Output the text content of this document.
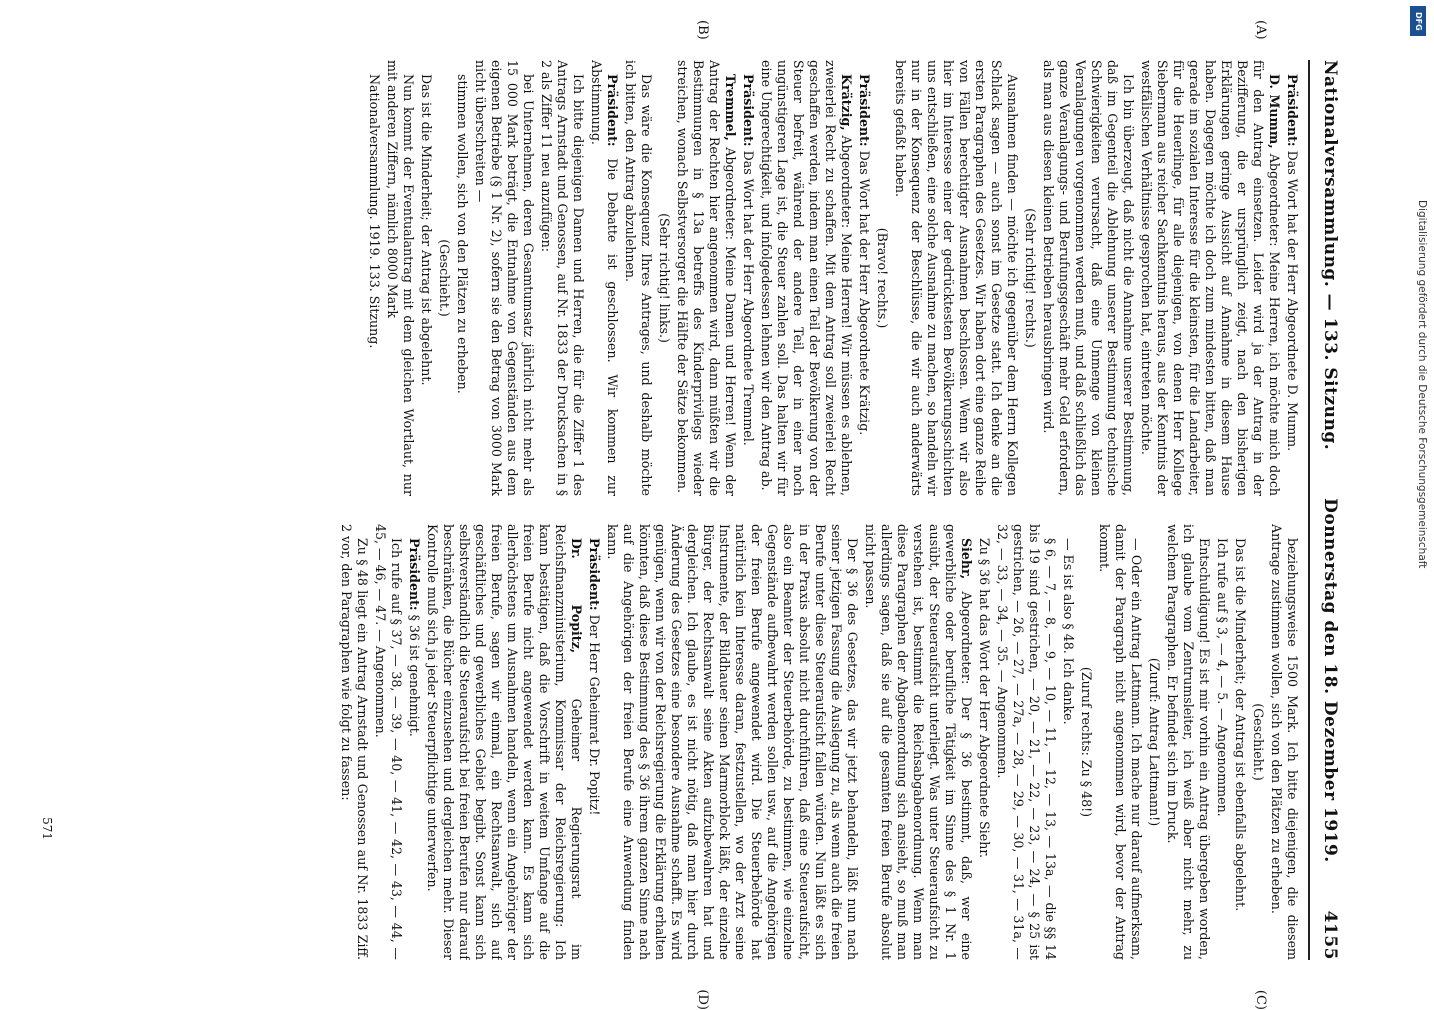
Nationalversammlung. — 133. Sitzung.
Donnerstag den 18. Dezember 1919.
4155
(A)
(B)
(C)
(D)

Präsident: Das Wort hat der Herr Abgeordnete D. Mumm.

D. Mumm, Abgeordneter: Meine Herren, ich möchte mich doch für den Antrag einsetzen. Leider wird ja der Antrag in der Bezifferung, die er ursprünglich zeigt, nach den bisherigen Erklärungen geringe Aussicht auf Annahme in diesem Hause haben. Dagegen möchte ich doch zum mindesten bitten, daß man gerade im sozialen Interesse für die kleinsten, für die Landarbeiter, für die Heuerlinge, für alle diejenigen, von denen Herr Kollege Siebermann aus reicher Sachkenntnis heraus, aus der Kenntnis der westfälischen Verhältnisse gesprochen hat, eintreten möchte.

Ich bin überzeugt, daß nicht die Annahme unserer Bestimmung, daß im Gegenteil die Ablehnung unserer Bestimmung technische Schwierigkeiten verursacht, daß eine Unmenge von kleinen Veranlagungen vorgenommen werden muß, und daß schließlich das ganze Veranlagungs- und Berufungsgeschäft mehr Geld erfordern, als man aus diesen kleinen Betrieben herausbringen wird.

(Sehr richtig! rechts.)

Ausnahmen finden — möchte ich gegenüber dem Herrn Kollegen Schlack sagen — auch sonst im Gesetze statt. Ich denke an die ersten Paragraphen des Gesetzes. Wir haben dort eine ganze Reihe von Fällen berechtigter Ausnahmen beschlossen. Wenn wir also hier im Interesse einer der gedrücktesten Bevölkerungsschichten uns entschließen, eine solche Ausnahme zu machen, so handeln wir nur in der Konsequenz der Beschlüsse, die wir auch anderwärts bereits gefaßt haben.

(Bravo! rechts.)

Präsident: Das Wort hat der Herr Abgeordnete Krätzig.

Krätzig, Abgeordneter: Meine Herren! Wir müssen es ablehnen, zweierlei Recht zu schaffen. Mit dem Antrag soll zweierlei Recht geschaffen werden, indem man einen Teil der Bevölkerung von der Steuer befreit, während der andere Teil, der in einer noch ungünstigeren Lage ist, die Steuer zahlen soll. Das halten wir für eine Ungerechtigkeit, und infolgedessen lehnen wir den Antrag ab.

Präsident: Das Wort hat der Herr Abgeordnete Tremmel.

Tremmel, Abgeordneter: Meine Damen und Herren! Wenn der Antrag der Rechten hier angenommen wird, dann müßten wir die Bestimmungen in § 13a betreffs des Kinderprivilegs wieder streichen, wonach Selbstversorger die Hälfte der Sätze bekommen.

(Sehr richtig! links.)

Das wäre die Konsequenz Ihres Antrages, und deshalb möchte ich bitten, den Antrag abzulehnen.

Präsident: Die Debatte ist geschlossen. Wir kommen zur Abstimmung.

Ich bitte diejenigen Damen und Herren, die für die Ziffer 1 des Antrags Arnstadt und Genossen, auf Nr. 1833 der Drucksachen in § 2 als Ziffer 11 neu anzufügen:

bei Unternehmen, deren Gesamtumsatz jährlich nicht mehr als 15 000 Mark beträgt, die Entnahme von Gegenständen aus dem eigenen Betriebe (§ 1 Nr. 2), sofern sie den Betrag von 3000 Mark nicht überschreiten —

stimmen wollen, sich von den Plätzen zu erheben.

(Geschieht.)

Das ist die Minderheit; der Antrag ist abgelehnt.

Nun kommt der Eventualantrag mit dem gleichen Wortlaut, nur mit anderen Ziffern, nämlich 8000 Mark

Nationalversammlung. 1919. 133. Sitzung.

beziehungsweise 1500 Mark. Ich bitte diejenigen, die diesem Antrage zustimmen wollen, sich von den Plätzen zu erheben.

(Geschieht.)

Das ist die Minderheit; der Antrag ist ebenfalls abgelehnt.

Ich rufe auf § 3, — 4, — 5. — Angenommen.

Entschuldigung! Es ist mir vorhin ein Antrag übergeben worden, ich glaube vom Zentrumsleiter, ich weiß aber nicht mehr, zu welchem Paragraphen. Er befindet sich im Druck.

(Zuruf: Antrag Lattmann!)

— Oder ein Antrag Lattmann. Ich mache nur darauf aufmerksam, damit der Paragraph nicht angenommen wird, bevor der Antrag kommt.

(Zuruf rechts: Zu § 48!)

— Es ist also § 48. Ich danke.

§ 6, — 7, — 8, — 9, — 10, — 11, — 12, — 13, — 13a, — die §§ 14 bis 19 sind gestrichen, — 20, — 21, — 22, — 23, — 24, — § 25 ist gestrichen, — 26, — 27, — 27a, — 28, — 29, — 30, — 31, — 31a, — 32, — 33, — 34, — 35. — Angenommen.

Zu § 36 hat das Wort der Herr Abgeordnete Siehr.

Siehr, Abgeordneter: Der § 36 bestimmt, daß, wer eine gewerbliche oder berufliche Tätigkeit im Sinne des § 1 Nr. 1 ausübt, der Steueraufsicht unterliegt. Was unter Steueraufsicht zu verstehen ist, bestimmt die Reichsabgabenordnung. Wenn man diese Paragraphen der Abgabenordnung sich ansieht, so muß man allerdings sagen, daß sie auf die gesamten freien Berufe absolut nicht passen.

Der § 36 des Gesetzes, das wir jetzt behandeln, läßt nun nach seiner jetzigen Fassung die Auslegung zu, als wenn auch die freien Berufe unter diese Steueraufsicht fallen würden. Nun läßt es sich in der Praxis absolut nicht durchführen, daß eine Steueraufsicht, also ein Beamter der Steuerbehörde, zu bestimmen, wie einzelne Gegenstände aufbewahrt werden sollen usw., auf die Angehörigen der freien Berufe angewendet wird. Die Steuerbehörde hat natürlich kein Interesse daran, festzustellen, wo der Arzt seine Instrumente, der Bildhauer seinen Marmorblock läßt, der einzelne Bürger, der Rechtsanwalt seine Akten aufzubewahren hat und dergleichen. Ich glaube, es ist nicht nötig, daß man hier durch Änderung des Gesetzes eine besondere Ausnahme schafft. Es wird genügen, wenn wir von der Reichsregierung die Erklärung erhalten könnten, daß diese Bestimmung des § 36 ihrem ganzen Sinne nach auf die Angehörigen der freien Berufe eine Anwendung finden kann.

Präsident: Der Herr Geheimrat Dr. Popitz!

Dr. Popitz, Geheimer Regierungsrat im Reichsfinanzministerium, Kommissar der Reichsregierung: Ich kann bestätigen, daß die Vorschrift in weitem Umfange auf die freien Berufe nicht angewendet werden kann. Es kann sich allerhöchstens um Ausnahmen handeln, wenn ein Angehöriger der freien Berufe, sagen wir einmal, ein Rechtsanwalt, sich auf geschäftliches und gewerbliches Gebiet begibt. Sonst kann sich selbstverständlich die Steueraufsicht bei freien Berufen nur darauf beschränken, die Bücher einzusehen und dergleichen mehr. Dieser Kontrolle muß sich ja jeder Steuerpflichtige unterwerfen.

Präsident: § 36 ist genehmigt.

Ich rufe auf § 37, — 38, — 39, — 40, — 41, — 42, — 43, — 44, — 45, — 46, — 47. — Angenommen.

Zu § 48 liegt ein Antrag Arnstadt und Genossen auf Nr. 1833 Ziff. 2 vor, den Paragraphen wie folgt zu fassen:

571
DFG
Digitalisierung gefördert durch die Deutsche Forschungsgemeinschaft
